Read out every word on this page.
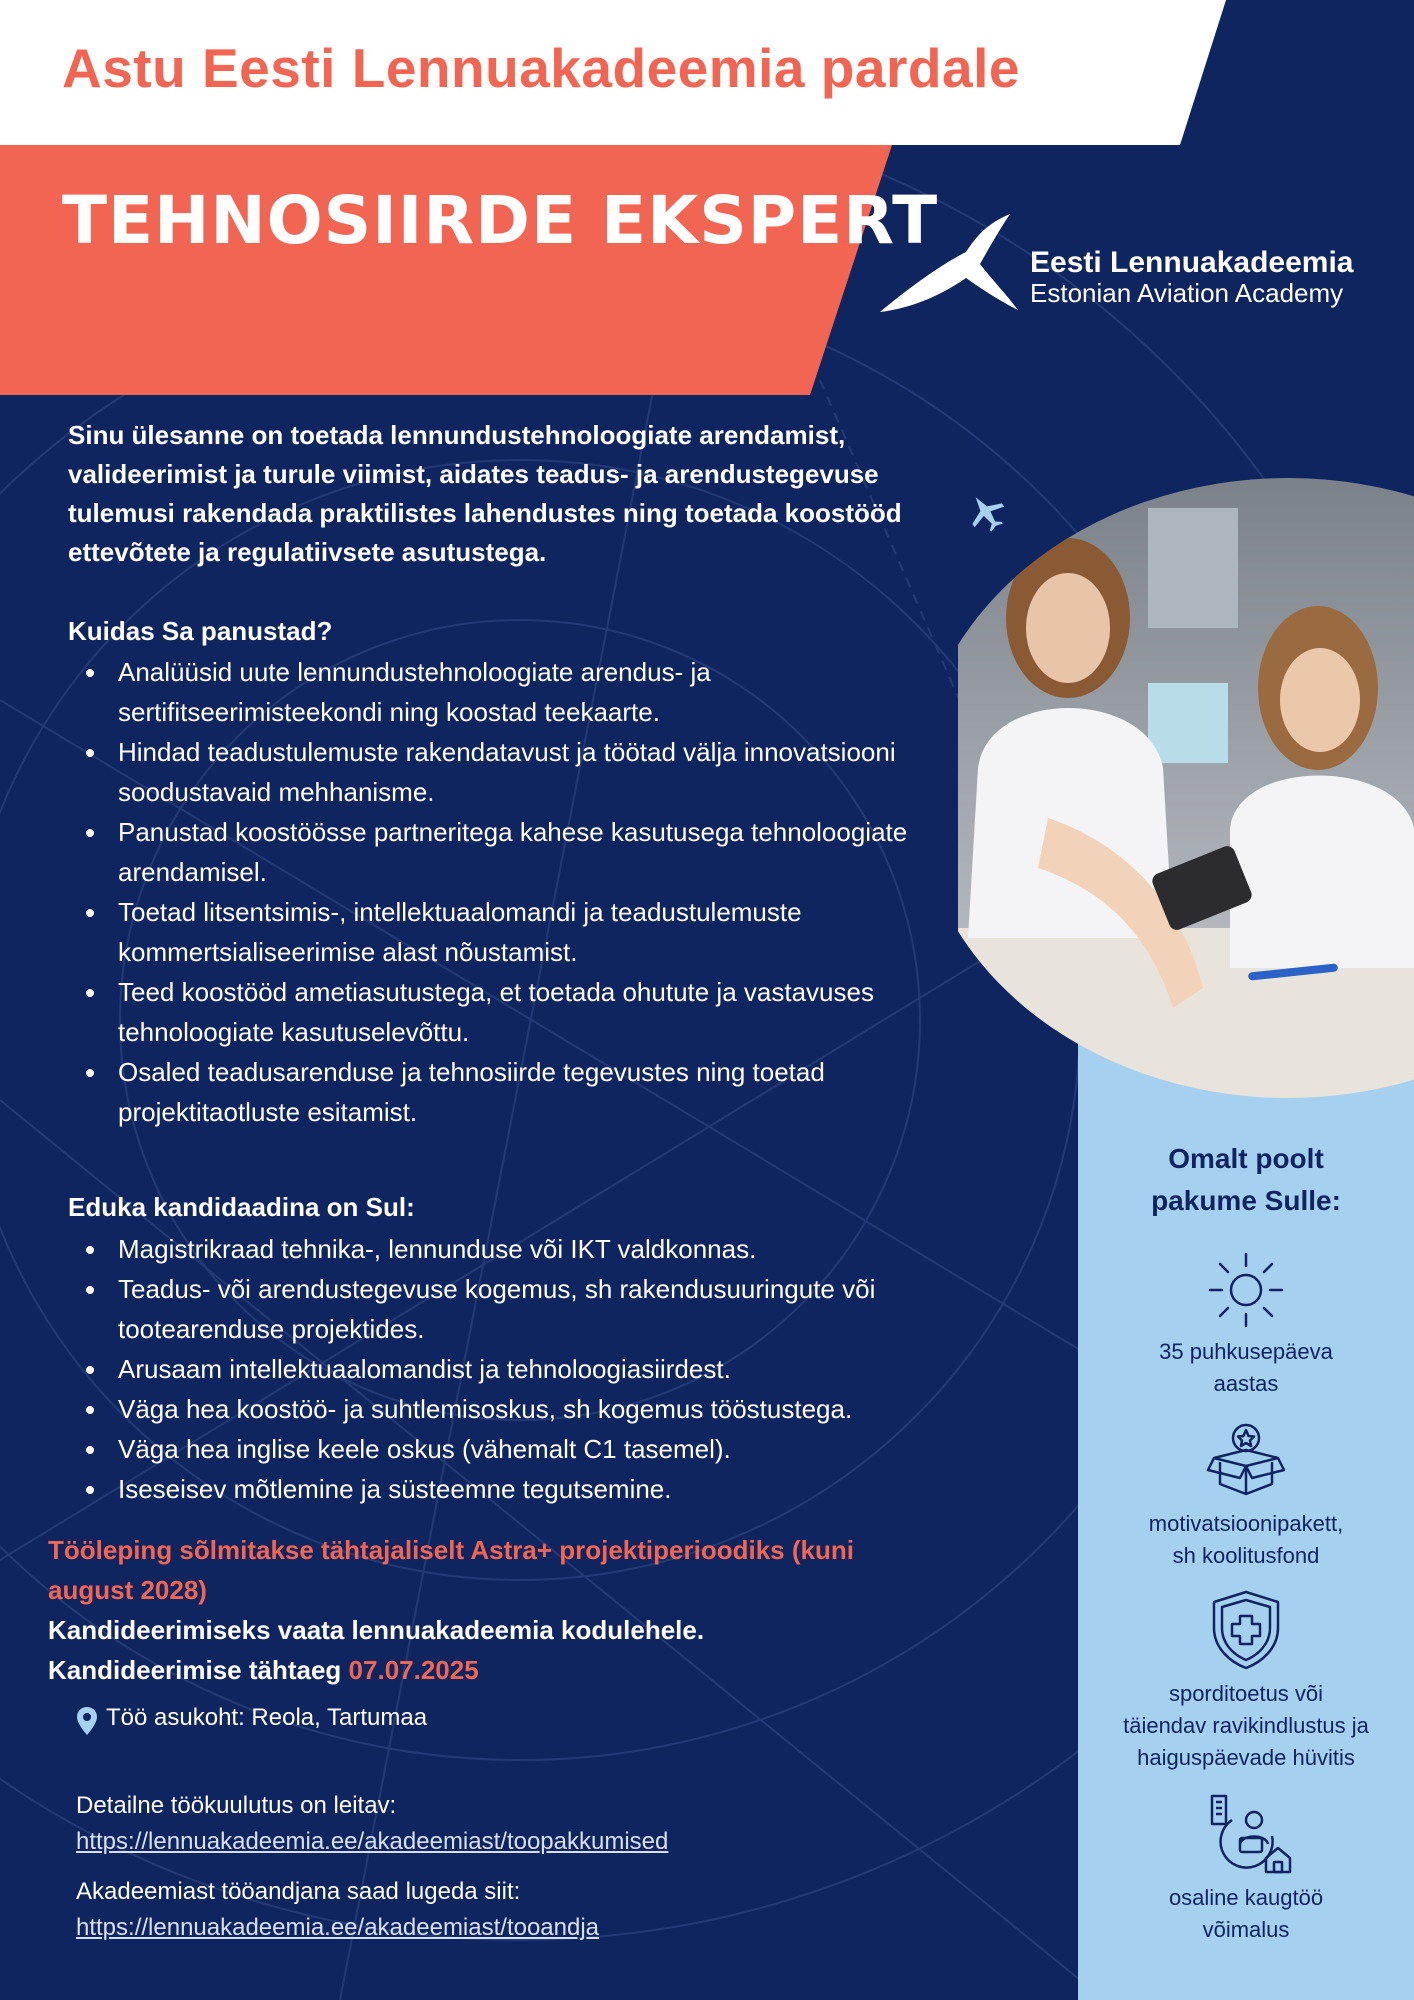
Astu Eesti Lennuakadeemia pardale
TEHNOSIIRDE EKSPERT
Eesti Lennuakadeemia
Estonian Aviation Academy
Sinu ülesanne on toetada lennundustehnoloogiate arendamist, valideerimist ja turule viimist, aidates teadus- ja arendustegevuse tulemusi rakendada praktilistes lahendustes ning toetada koostööd ettevõtete ja regulatiivsete asutustega.
Kuidas Sa panustad?
Analüüsid uute lennundustehnoloogiate arendus- ja sertifitseerimisteekondi ning koostad teekaarte.
Hindad teadustulemuste rakendatavust ja töötad välja innovatsiooni soodustavaid mehhanisme.
Panustad koostöösse partneritega kahese kasutusega tehnoloogiate arendamisel.
Toetad litsentsimis-, intellektuaalomandi ja teadustulemuste kommertsialiseerimise alast nõustamist.
Teed koostööd ametiasutustega, et toetada ohutute ja vastavuses tehnoloogiate kasutuselevõttu.
Osaled teadusarenduse ja tehnosiirde tegevustes ning toetad projektitaotluste esitamist.
Eduka kandidaadina on Sul:
Magistrikraad tehnika-, lennunduse või IKT valdkonnas.
Teadus- või arendustegevuse kogemus, sh rakendusuuringute või tootearenduse projektides.
Arusaam intellektuaalomandist ja tehnoloogiasiirdest.
Väga hea koostöö- ja suhtlemisoskus, sh kogemus tööstustega.
Väga hea inglise keele oskus (vähemalt C1 tasemel).
Iseseisev mõtlemine ja süsteemne tegutsemine.
Tööleping sõlmitakse tähtajaliselt Astra+ projektiperioodiks (kuni august 2028)
Kandideerimiseks vaata lennuakadeemia kodulehele.
Kandideerimise tähtaeg 07.07.2025
Töö asukoht: Reola, Tartumaa
Detailne töökuulutus on leitav:
https://lennuakadeemia.ee/akadeemiast/toopakkumised
Akadeemiast tööandjana saad lugeda siit:
https://lennuakadeemia.ee/akadeemiast/tooandja
Omalt poolt
pakume Sulle:
35 puhkusepäeva
aastas
motivatsioonipakett,
sh koolitusfond
sporditoetus või
täiendav ravikindlustus ja
haiguspäevade hüvitis
osaline kaugtöö
võimalus
